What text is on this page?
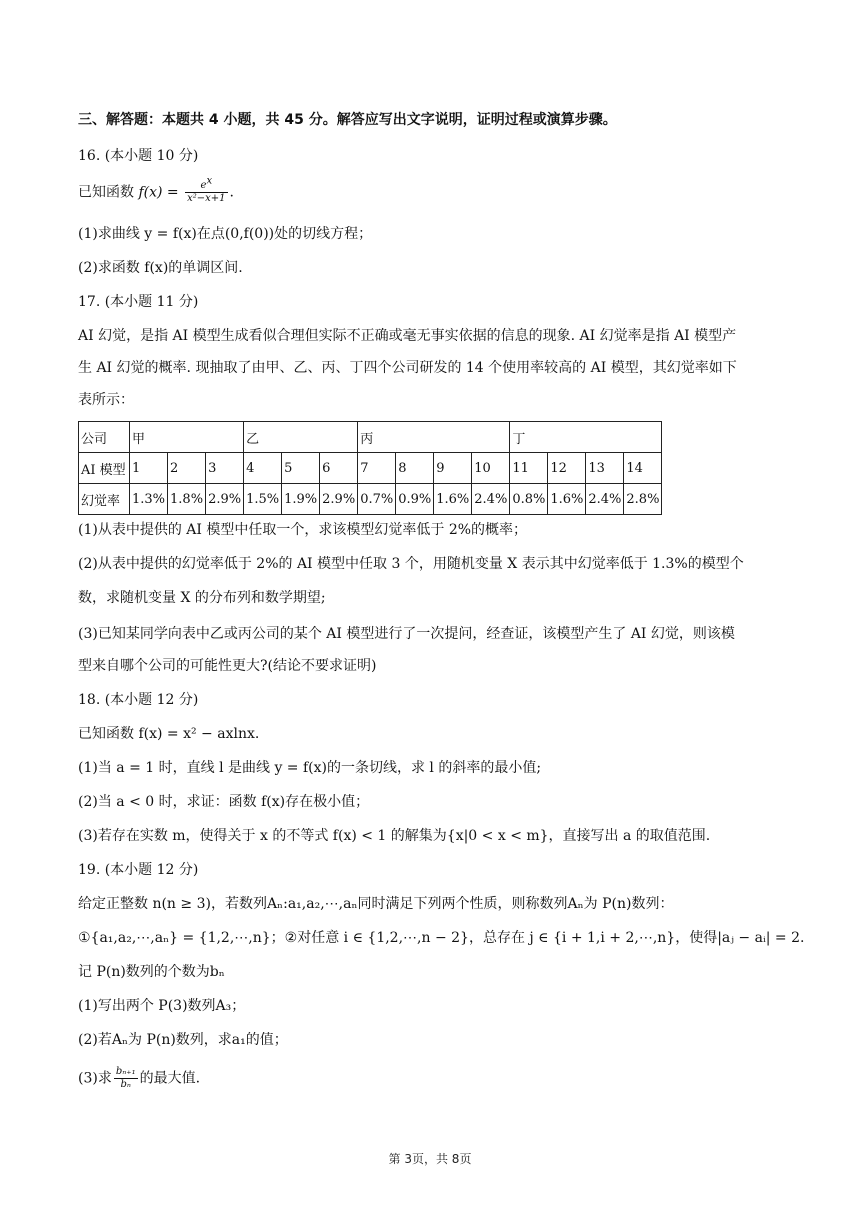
三、解答题：本题共 4 小题，共 45 分。解答应写出文字说明，证明过程或演算步骤。
16. (本小题 10 分)
已知函数 $f(x) = \frac{e^x}{\text{x²−x+1}}$ .
(1)求曲线 y = f(x)在点(0,f(0))处的切线方程；
(2)求函数 f(x)的单调区间.
17. (本小题 11 分)
AI 幻觉，是指 AI 模型生成看似合理但实际不正确或毫无事实依据的信息的现象. AI 幻觉率是指 AI 模型产
生 AI 幻觉的概率. 现抽取了由甲、乙、丙、丁四个公司研发的 14 个使用率较高的 AI 模型，其幻觉率如下
表所示：
公司	甲			乙			丙				丁			
AI 模型	1	2	3	4	5	6	7	8	9	10	11	12	13	14
幻觉率	1.3%	1.8%	2.9%	1.5%	1.9%	2.9%	0.7%	0.9%	1.6%	2.4%	0.8%	1.6%	2.4%	2.8%
(1)从表中提供的 AI 模型中任取一个，求该模型幻觉率低于 2%的概率；
(2)从表中提供的幻觉率低于 2%的 AI 模型中任取 3 个，用随机变量 X 表示其中幻觉率低于 1.3%的模型个
数，求随机变量 X 的分布列和数学期望;
(3)已知某同学向表中乙或丙公司的某个 AI 模型进行了一次提问，经查证，该模型产生了 AI 幻觉，则该模
型来自哪个公司的可能性更大?(结论不要求证明)
18. (本小题 12 分)
已知函数 f(x) = x² − axlnx.
(1)当 a = 1 时，直线 l 是曲线 y = f(x)的一条切线，求 l 的斜率的最小值;
(2)当 a < 0 时，求证：函数 f(x)存在极小值；
(3)若存在实数 m，使得关于 x 的不等式 f(x) < 1 的解集为{x|0 < x < m}，直接写出 a 的取值范围.
19. (本小题 12 分)
给定正整数 n(n ≥ 3)，若数列Aₙ:a₁,a₂,⋯,aₙ同时满足下列两个性质，则称数列Aₙ为 P(n)数列：
①{a₁,a₂,⋯,aₙ} = {1,2,⋯,n}；②对任意 i ∈ {1,2,⋯,n − 2}，总存在 j ∈ {i + 1,i + 2,⋯,n}，使得|aⱼ − aᵢ| = 2.
记 P(n)数列的个数为bₙ
(1)写出两个 P(3)数列A₃；
(2)若Aₙ为 P(n)数列，求a₁的值；
(3)求 $\frac{\text{bₙ₊₁}}{\text{bₙ}}$ 的最大值.
第 3页，共 8页
